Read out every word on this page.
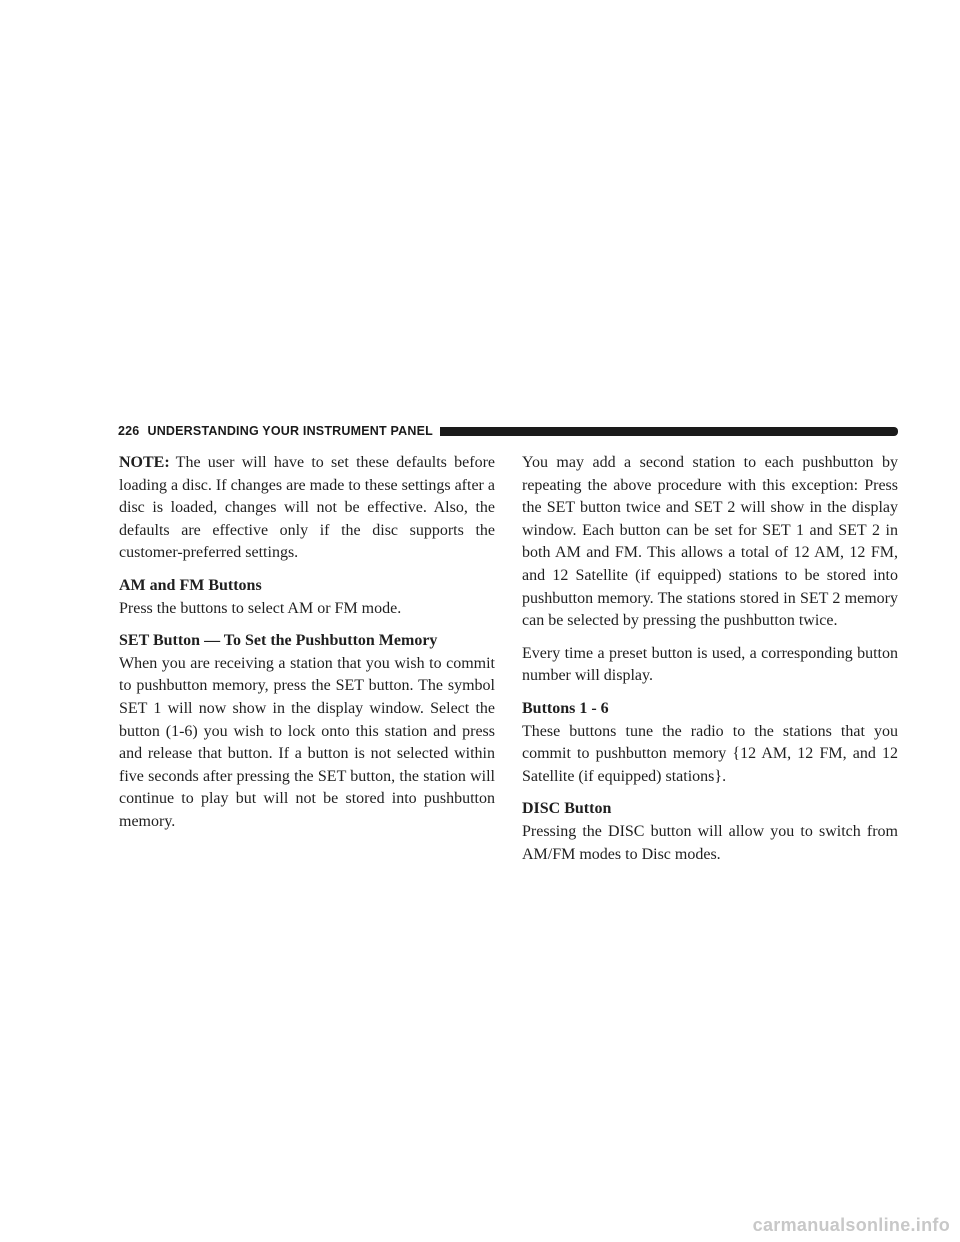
226 UNDERSTANDING YOUR INSTRUMENT PANEL

NOTE: The user will have to set these defaults before loading a disc. If changes are made to these settings after a disc is loaded, changes will not be effective. Also, the defaults are effective only if the disc supports the customer-preferred settings.

AM and FM Buttons

Press the buttons to select AM or FM mode.

SET Button — To Set the Pushbutton Memory

When you are receiving a station that you wish to commit to pushbutton memory, press the SET button. The symbol SET 1 will now show in the display window. Select the button (1-6) you wish to lock onto this station and press and release that button. If a button is not selected within five seconds after pressing the SET button, the station will continue to play but will not be stored into pushbutton memory.

You may add a second station to each pushbutton by repeating the above procedure with this exception: Press the SET button twice and SET 2 will show in the display window. Each button can be set for SET 1 and SET 2 in both AM and FM. This allows a total of 12 AM, 12 FM, and 12 Satellite (if equipped) stations to be stored into pushbutton memory. The stations stored in SET 2 memory can be selected by pressing the pushbutton twice.

Every time a preset button is used, a corresponding button number will display.

Buttons 1 - 6

These buttons tune the radio to the stations that you commit to pushbutton memory {12 AM, 12 FM, and 12 Satellite (if equipped) stations}.

DISC Button

Pressing the DISC button will allow you to switch from AM/FM modes to Disc modes.

carmanualsonline.info
